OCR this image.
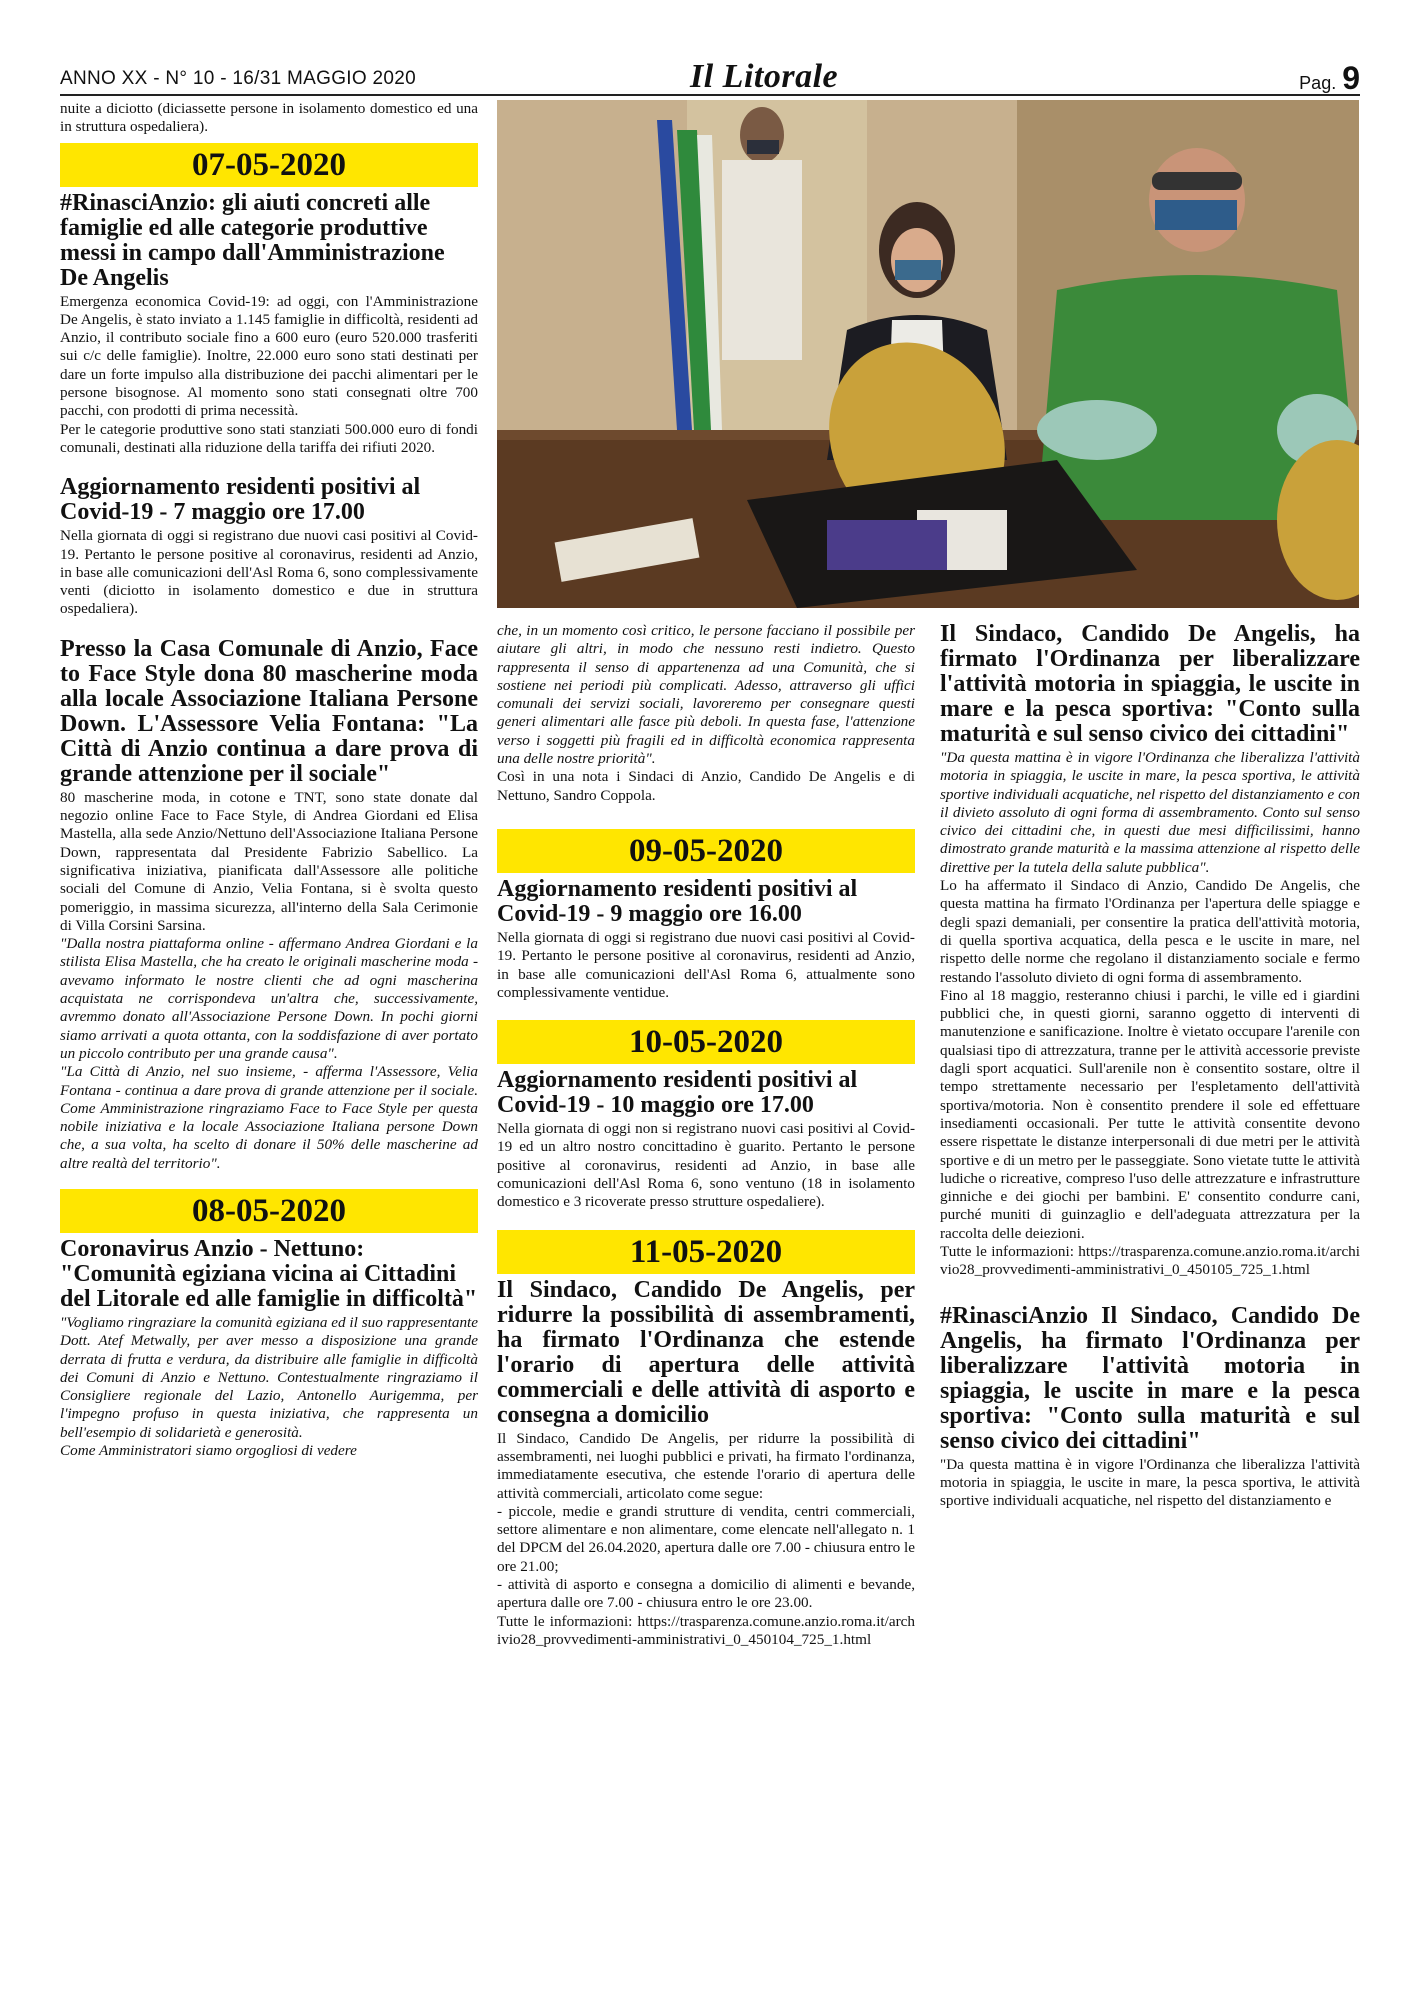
ANNO XX - N° 10 - 16/31 MAGGIO 2020	Il Litorale	Pag. 9

nuite a diciotto (diciassette persone in isolamento domestico ed una in struttura ospedaliera).

07-05-2020
#RinasciAnzio: gli aiuti concreti alle famiglie ed alle categorie produttive messi in campo dall'Amministrazione De Angelis

Emergenza economica Covid-19: ad oggi, con l'Amministrazione De Angelis, è stato inviato a 1.145 famiglie in difficoltà, residenti ad Anzio, il contributo sociale fino a 600 euro (euro 520.000 trasferiti sui c/c delle famiglie). Inoltre, 22.000 euro sono stati destinati per dare un forte impulso alla distribuzione dei pacchi alimentari per le persone bisognose. Al momento sono stati consegnati oltre 700 pacchi, con prodotti di prima necessità.

Per le categorie produttive sono stati stanziati 500.000 euro di fondi comunali, destinati alla riduzione della tariffa dei rifiuti 2020.

Aggiornamento residenti positivi al Covid-19 - 7 maggio ore 17.00

Nella giornata di oggi si registrano due nuovi casi positivi al Covid-19. Pertanto le persone positive al coronavirus, residenti ad Anzio, in base alle comunicazioni dell'Asl Roma 6, sono complessivamente venti (diciotto in isolamento domestico e due in struttura ospedaliera).

Presso la Casa Comunale di Anzio, Face to Face Style dona 80 mascherine moda alla locale Associazione Italiana Persone Down. L'Assessore Velia Fontana: "La Città di Anzio continua a dare prova di grande attenzione per il sociale"

80 mascherine moda, in cotone e TNT, sono state donate dal negozio online Face to Face Style, di Andrea Giordani ed Elisa Mastella, alla sede Anzio/Nettuno dell'Associazione Italiana Persone Down, rappresentata dal Presidente Fabrizio Sabellico. La significativa iniziativa, pianificata dall'Assessore alle politiche sociali del Comune di Anzio, Velia Fontana, si è svolta questo pomeriggio, in massima sicurezza, all'interno della Sala Cerimonie di Villa Corsini Sarsina.

"Dalla nostra piattaforma online - affermano Andrea Giordani e la stilista Elisa Mastella, che ha creato le originali mascherine moda - avevamo informato le nostre clienti che ad ogni mascherina acquistata ne corrispondeva un'altra che, successivamente, avremmo donato all'Associazione Persone Down. In pochi giorni siamo arrivati a quota ottanta, con la soddisfazione di aver portato un piccolo contributo per una grande causa".

"La Città di Anzio, nel suo insieme, - afferma l'Assessore, Velia Fontana - continua a dare prova di grande attenzione per il sociale. Come Amministrazione ringraziamo Face to Face Style per questa nobile iniziativa e la locale Associazione Italiana persone Down che, a sua volta, ha scelto di donare il 50% delle mascherine ad altre realtà del territorio".

08-05-2020
Coronavirus Anzio - Nettuno: "Comunità egiziana vicina ai Cittadini del Litorale ed alle famiglie in difficoltà"

"Vogliamo ringraziare la comunità egiziana ed il suo rappresentante Dott. Atef Metwally, per aver messo a disposizione una grande derrata di frutta e verdura, da distribuire alle famiglie in difficoltà dei Comuni di Anzio e Nettuno. Contestualmente ringraziamo il Consigliere regionale del Lazio, Antonello Aurigemma, per l'impegno profuso in questa iniziativa, che rappresenta un bell'esempio di solidarietà e generosità.

Come Amministratori siamo orgogliosi di vedere

che, in un momento così critico, le persone facciano il possibile per aiutare gli altri, in modo che nessuno resti indietro. Questo rappresenta il senso di appartenenza ad una Comunità, che si sostiene nei periodi più complicati. Adesso, attraverso gli uffici comunali dei servizi sociali, lavoreremo per consegnare questi generi alimentari alle fasce più deboli. In questa fase, l'attenzione verso i soggetti più fragili ed in difficoltà economica rappresenta una delle nostre priorità".

Così in una nota i Sindaci di Anzio, Candido De Angelis e di Nettuno, Sandro Coppola.

09-05-2020
Aggiornamento residenti positivi al Covid-19 - 9 maggio ore 16.00

Nella giornata di oggi si registrano due nuovi casi positivi al Covid-19. Pertanto le persone positive al coronavirus, residenti ad Anzio, in base alle comunicazioni dell'Asl Roma 6, attualmente sono complessivamente ventidue.

10-05-2020
Aggiornamento residenti positivi al Covid-19 - 10 maggio ore 17.00

Nella giornata di oggi non si registrano nuovi casi positivi al Covid-19 ed un altro nostro concittadino è guarito. Pertanto le persone positive al coronavirus, residenti ad Anzio, in base alle comunicazioni dell'Asl Roma 6, sono ventuno (18 in isolamento domestico e 3 ricoverate presso strutture ospedaliere).

11-05-2020
Il Sindaco, Candido De Angelis, per ridurre la possibilità di assembramenti, ha firmato l'Ordinanza che estende l'orario di apertura delle attività commerciali e delle attività di asporto e consegna a domicilio

Il Sindaco, Candido De Angelis, per ridurre la possibilità di assembramenti, nei luoghi pubblici e privati, ha firmato l'ordinanza, immediatamente esecutiva, che estende l'orario di apertura delle attività commerciali, articolato come segue:

- piccole, medie e grandi strutture di vendita, centri commerciali, settore alimentare e non alimentare, come elencate nell'allegato n. 1 del DPCM del 26.04.2020, apertura dalle ore 7.00 - chiusura entro le ore 21.00;

- attività di asporto e consegna a domicilio di alimenti e bevande, apertura dalle ore 7.00 - chiusura entro le ore 23.00.

Tutte le informazioni: https://trasparenza.comune.anzio.roma.it/archivio28_provvedimenti-amministrativi_0_450104_725_1.html

Il Sindaco, Candido De Angelis, ha firmato l'Ordinanza per liberalizzare l'attività motoria in spiaggia, le uscite in mare e la pesca sportiva: "Conto sulla maturità e sul senso civico dei cittadini"

"Da questa mattina è in vigore l'Ordinanza che liberalizza l'attività motoria in spiaggia, le uscite in mare, la pesca sportiva, le attività sportive individuali acquatiche, nel rispetto del distanziamento e con il divieto assoluto di ogni forma di assembramento. Conto sul senso civico dei cittadini che, in questi due mesi difficilissimi, hanno dimostrato grande maturità e la massima attenzione al rispetto delle direttive per la tutela della salute pubblica".

Lo ha affermato il Sindaco di Anzio, Candido De Angelis, che questa mattina ha firmato l'Ordinanza per l'apertura delle spiagge e degli spazi demaniali, per consentire la pratica dell'attività motoria, di quella sportiva acquatica, della pesca e le uscite in mare, nel rispetto delle norme che regolano il distanziamento sociale e fermo restando l'assoluto divieto di ogni forma di assembramento.

Fino al 18 maggio, resteranno chiusi i parchi, le ville ed i giardini pubblici che, in questi giorni, saranno oggetto di interventi di manutenzione e sanificazione. Inoltre è vietato occupare l'arenile con qualsiasi tipo di attrezzatura, tranne per le attività accessorie previste dagli sport acquatici. Sull'arenile non è consentito sostare, oltre il tempo strettamente necessario per l'espletamento dell'attività sportiva/motoria. Non è consentito prendere il sole ed effettuare insediamenti occasionali. Per tutte le attività consentite devono essere rispettate le distanze interpersonali di due metri per le attività sportive e di un metro per le passeggiate. Sono vietate tutte le attività ludiche o ricreative, compreso l'uso delle attrezzature e infrastrutture ginniche e dei giochi per bambini. E' consentito condurre cani, purché muniti di guinzaglio e dell'adeguata attrezzatura per la raccolta delle deiezioni.

Tutte le informazioni: https://trasparenza.comune.anzio.roma.it/archivio28_provvedimenti-amministrativi_0_450105_725_1.html

#RinasciAnzio Il Sindaco, Candido De Angelis, ha firmato l'Ordinanza per liberalizzare l'attività motoria in spiaggia, le uscite in mare e la pesca sportiva: "Conto sulla maturità e sul senso civico dei cittadini"

"Da questa mattina è in vigore l'Ordinanza che liberalizza l'attività motoria in spiaggia, le uscite in mare, la pesca sportiva, le attività sportive individuali acquatiche, nel rispetto del distanziamento e
